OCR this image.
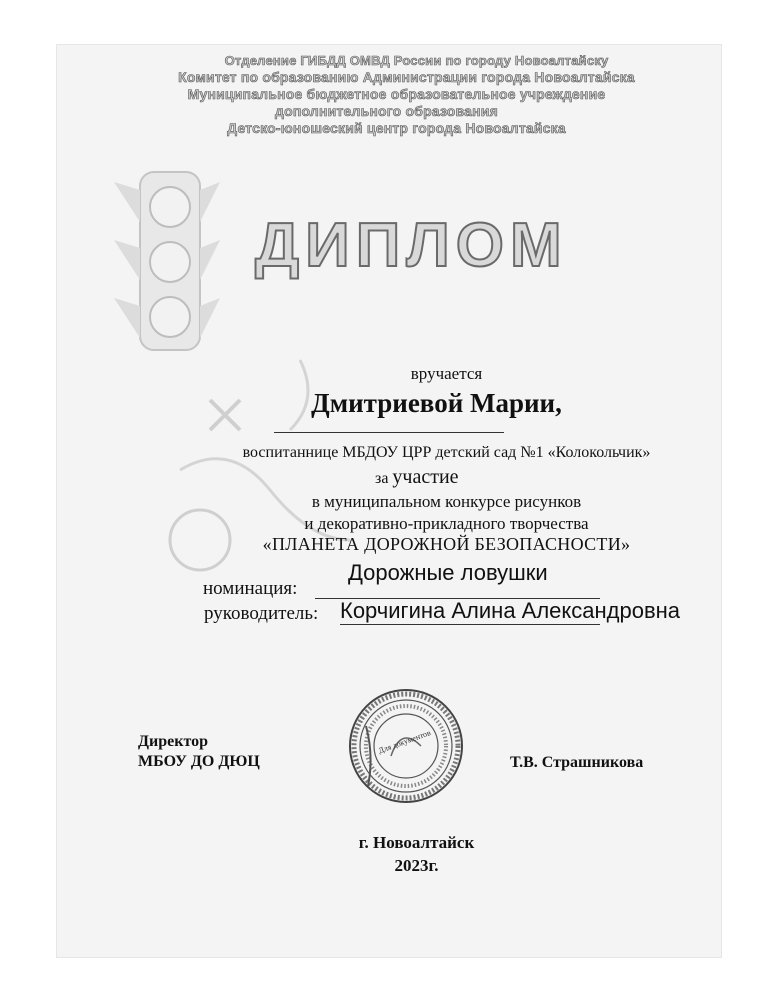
Отделение ГИБДД ОМВД России по городу Новоалтайску
Комитет по образованию Администрации города Новоалтайска
Муниципальное бюджетное образовательное учреждение
дополнительного образования
Детско-юношеский центр города Новоалтайска
ДИПЛОМ
вручается
Дмитриевой Марии,
воспитаннице МБДОУ ЦРР детский сад №1 «Колокольчик»
за участие
в муниципальном конкурсе рисунков
и декоративно-прикладного творчества
«ПЛАНЕТА ДОРОЖНОЙ БЕЗОПАСНОСТИ»
номинация:
Дорожные ловушки
руководитель: Корчигина Алина Александровна
Директор
МБОУ ДО ДЮЦ
Для документов
Т.В. Страшникова
г. Новоалтайск
2023г.
